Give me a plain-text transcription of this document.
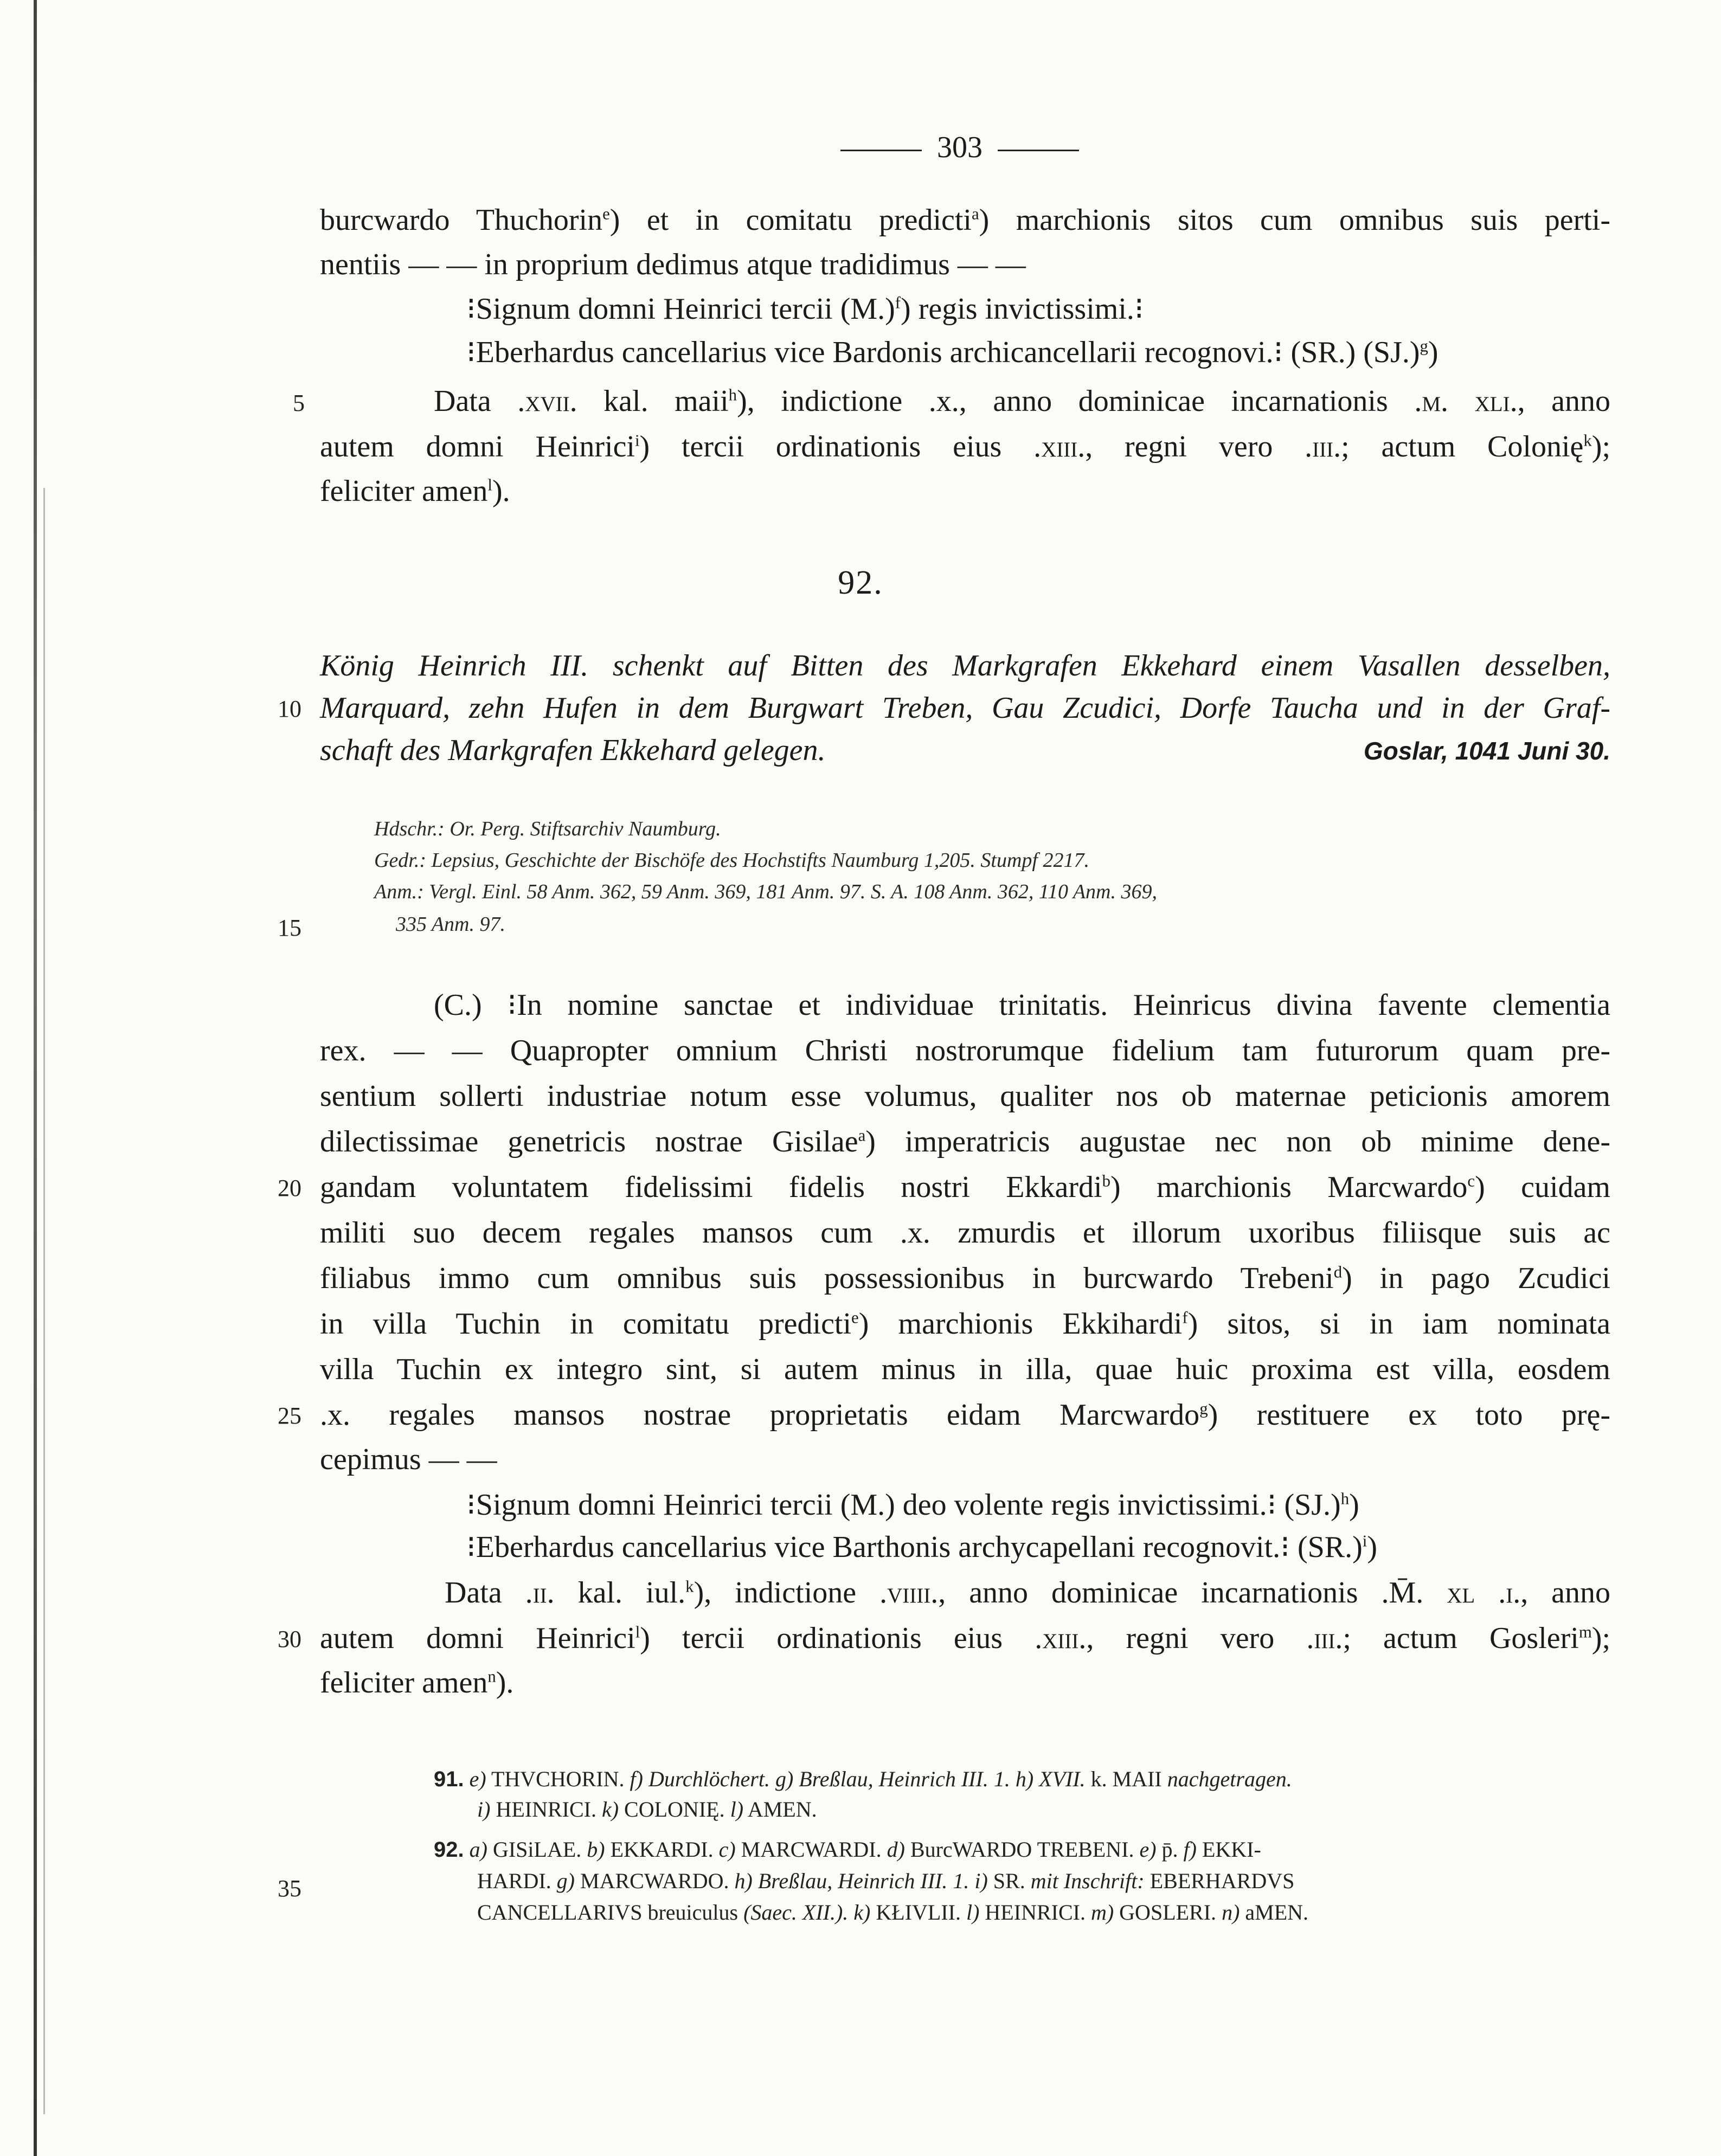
303
burcwardo Thuchorin$^e$) et in comitatu predicti$^a$) marchionis sitos cum omnibus suis perti-
nentiis — — in proprium dedimus atque tradidimus — —
⁝Signum domni Heinrici tercii $(M.)^f$) regis invictissimi.⁝
⁝Eberhardus cancellarius vice Bardonis archicancellarii recognovi.⁝ (SR.) $(SJ.)^g$)
Data .xvii. kal. maii$^h$), indictione .x., anno dominicae incarnationis .m. xli., anno
autem domni Heinrici$^i$) tercii ordinationis eius .xiii., regni vero .iii.; actum Colonię$^k$);
feliciter amen$^l$).
92.
König Heinrich III. schenkt auf Bitten des Markgrafen Ekkehard einem Vasallen desselben,
Marquard, zehn Hufen in dem Burgwart Treben, Gau Zcudici, Dorfe Taucha und in der Graf-
schaft des Markgrafen Ekkehard gelegen.	Goslar, 1041 Juni 30.
Hdschr.: Or. Perg. Stiftsarchiv Naumburg.
Gedr.: Lepsius, Geschichte der Bischöfe des Hochstifts Naumburg 1,205. Stumpf 2217.
Anm.: Vergl. Einl. 58 Anm. 362, 59 Anm. 369, 181 Anm. 97. S. A. 108 Anm. 362, 110 Anm. 369,
335 Anm. 97.
(C.) ⁝In nomine sanctae et individuae trinitatis. Heinricus divina favente clementia
rex. — — Quapropter omnium Christi nostrorumque fidelium tam futurorum quam pre-
sentium sollerti industriae notum esse volumus, qualiter nos ob maternae peticionis amorem
dilectissimae genetricis nostrae Gisilae$^a$) imperatricis augustae nec non ob minime dene-
gandam voluntatem fidelissimi fidelis nostri Ekkardi$^b$) marchionis Marcwardo$^c$) cuidam
militi suo decem regales mansos cum .x. zmurdis et illorum uxoribus filiisque suis ac
filiabus immo cum omnibus suis possessionibus in burcwardo Trebeni$^d$) in pago Zcudici
in villa Tuchin in comitatu predicti$^e$) marchionis Ekkihardi$^f$) sitos, si in iam nominata
villa Tuchin ex integro sint, si autem minus in illa, quae huic proxima est villa, eosdem
.x. regales mansos nostrae proprietatis eidam Marcwardo$^g$) restituere ex toto prę-
cepimus — —
⁝Signum domni Heinrici tercii (M.) deo volente regis invictissimi.⁝ $(SJ.)^h$)
⁝Eberhardus cancellarius vice Barthonis archycapellani recognovit.⁝ $(SR.)^i$)
Data .ii. kal. iul.$^k$), indictione .viiii., anno dominicae incarnationis .M̄. xl .i., anno
autem domni Heinrici$^l$) tercii ordinationis eius .xiii., regni vero .iii.; actum Gosleri$^m$);
feliciter amen$^n$).
5
10
15
20
25
30
35
91. e) THVCHORIN. f) Durchlöchert. g) Breßlau, Heinrich III. 1. h) XVII. k. MAII nachgetragen.
i) HEINRICI. k) COLONIĘ. l) AMEN.
92. a) GISiLAE. b) EKKARDI. c) MARCWARDI. d) BurcWARDO TREBENI. e) p̄. f) EKKI-
HARDI. g) MARCWARDO. h) Breßlau, Heinrich III. 1. i) SR. mit Inschrift: EBERHARDVS
CANCELLARIVS breuiculus (Saec. XII.). k) KŁIVLII. l) HEINRICI. m) GOSLERI. n) aMEN.
